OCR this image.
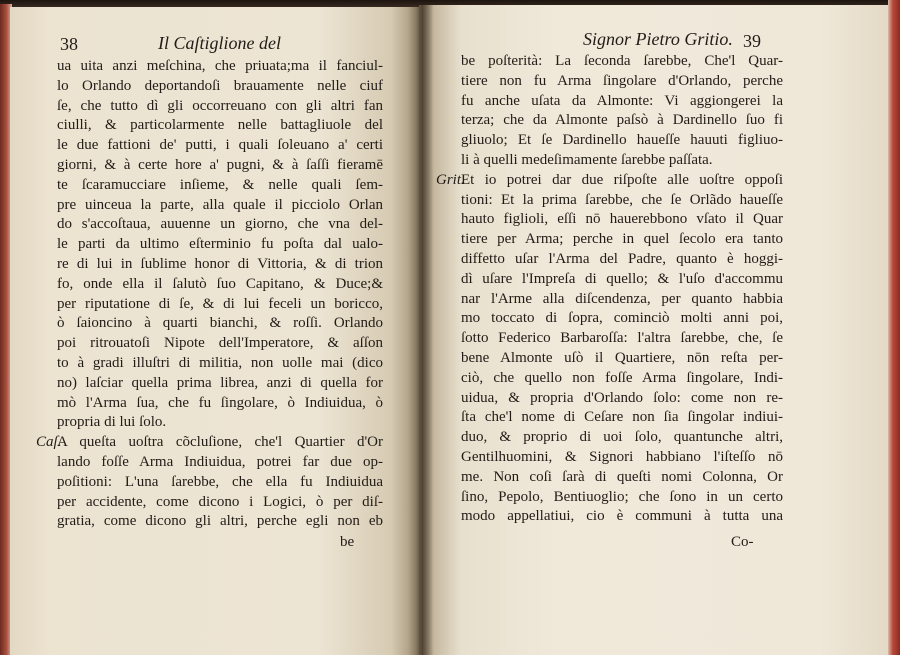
38	Il Caſtiglione del	Signor Pietro Gritio. 39
ua uita anzi meſchina, che priuata;ma il fanciul-
lo Orlando deportandoſi brauamente nelle ciuf
ſe, che tutto dì gli occorreuano con gli altri fan
ciulli, & particolarmente nelle battagliuole del
le due fattioni de' putti, i quali ſoleuano a' certi
giorni, & à certe hore a' pugni, & à ſaſſi fieramē
te ſcaramucciare inſieme, & nelle quali ſem-
pre uinceua la parte, alla quale il picciolo Orlan
do s'accoſtaua, auuenne un giorno, che vna del-
le parti da ultimo eſterminio fu poſta dal ualo-
re di lui in ſublime honor di Vittoria, & di trion
fo, onde ella il ſalutò ſuo Capitano, & Duce;&
per riputatione di ſe, & di lui feceli un boricco,
ò ſaioncino à quarti bianchi, & roſſi. Orlando
poi ritrouatoſi Nipote dell'Imperatore, & aſſon
to à gradi illuſtri di militia, non uolle mai (dico
no) laſciar quella prima librea, anzi di quella for
mò l'Arma ſua, che fu ſingolare, ò Indiuidua, ò
propria di lui ſolo.
A queſta uoſtra cõcluſione, che'l Quartier d'Or
lando foſſe Arma Indiuidua, potrei far due op-
poſitioni: L'una ſarebbe, che ella fu Indiuidua
per accidente, come dicono i Logici, ò per diſ-
gratia, come dicono gli altri, perche egli non eb
Caſ.
be
be poſterità: La ſeconda ſarebbe, Che'l Quar-
tiere non fu Arma ſingolare d'Orlando, perche
fu anche uſata da Almonte: Vi aggiongerei la
terza; che da Almonte paſsò à Dardinello ſuo fi
gliuolo; Et ſe Dardinello haueſſe hauuti figliuo-
li à quelli medeſimamente ſarebbe paſſata.
Et io potrei dar due riſpoſte alle uoſtre oppoſi
tioni: Et la prima ſarebbe, che ſe Orlãdo haueſſe
hauto figlioli, eſſi nō hauerebbono vſato il Quar
tiere per Arma; perche in quel ſecolo era tanto
diffetto uſar l'Arma del Padre, quanto è hoggi-
dì uſare l'Impreſa di quello; & l'uſo d'accommu
nar l'Arme alla diſcendenza, per quanto habbia
mo toccato di ſopra, cominciò molti anni poi,
ſotto Federico Barbaroſſa: l'altra ſarebbe, che, ſe
bene Almonte uſò il Quartiere, nōn reſta per-
ciò, che quello non foſſe Arma ſingolare, Indi-
uidua, & propria d'Orlando ſolo: come non re-
ſta che'l nome di Ceſare non ſia ſingolar indiui-
duo, & proprio di uoi ſolo, quantunche altri,
Gentilhuomini, & Signori habbiano l'iſteſſo nō
me. Non coſi ſarà di queſti nomi Colonna, Or
ſino, Pepolo, Bentiuoglio; che ſono in un certo
modo appellatiui, cio è communi à tutta una
Grit.
Co-
